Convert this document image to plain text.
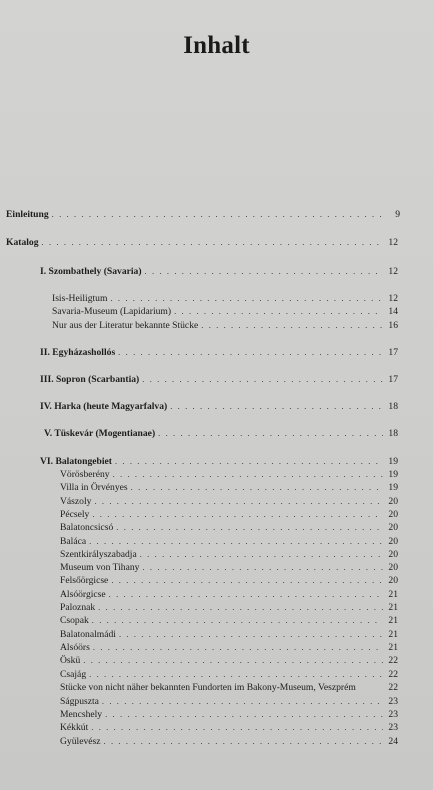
Inhalt
Einleitung . . .	9
Katalog . . .	12
I. Szombathely (Savaria) . . .	12
Isis-Heiligtum . . .	12
Savaria-Museum (Lapidarium) . . .	14
Nur aus der Literatur bekannte Stücke . . .	16
II. Egyházashollós . . .	17
III. Sopron (Scarbantia) . . .	17
IV. Harka (heute Magyarfalva) . . .	18
V. Tüskevár (Mogentianae) . . .	18
VI. Balatongebiet . . .	19
Vörösberény . . .	19
Villa in Örvényes . . .	19
Vászoly . . .	20
Pécsely . . .	20
Balatoncsicsó . . .	20
Baláca . . .	20
Szentkirályszabadja . . .	20
Museum von Tihany . . .	20
Felsőörgicse . . .	20
Alsóörgicse . . .	21
Paloznak . . .	21
Csopak . . .	21
Balatonalmádi . . .	21
Alsóörs . . .	21
Öskü . . .	22
Csajág . . .	22
Stücke von nicht näher bekannten Fundorten im Bakony-Museum, Veszprém	22
Ságpuszta . . .	23
Mencshely . . .	23
Kékkút . . .	23
Gyülevész . . .	24
